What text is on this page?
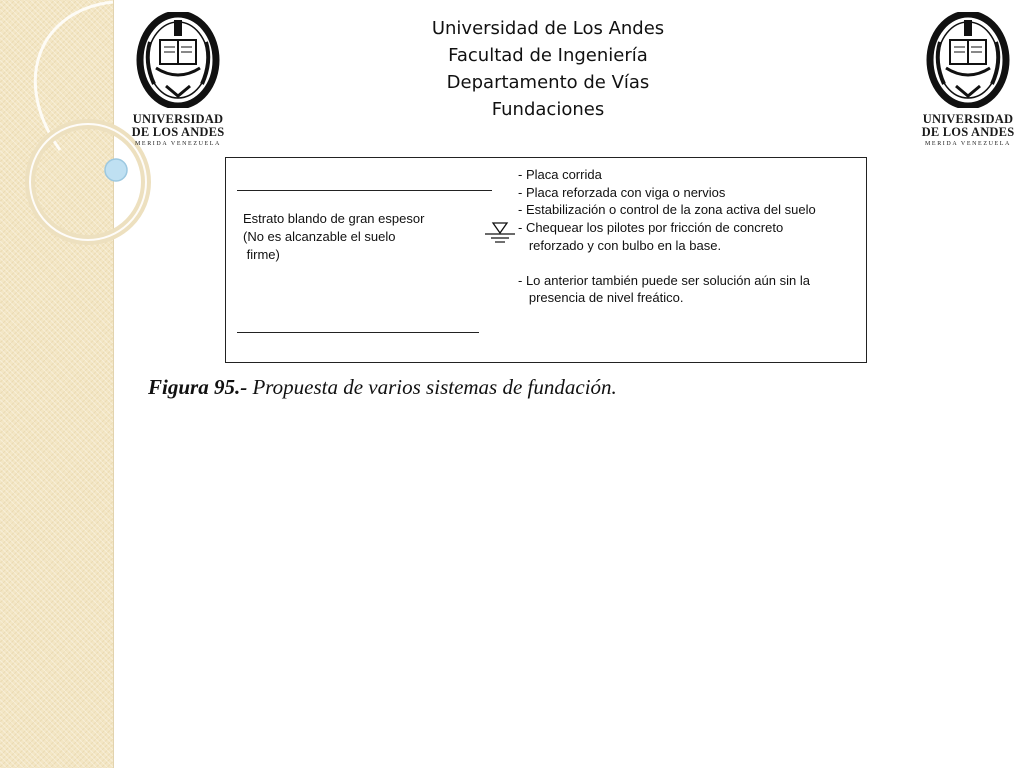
UNIVERSIDAD
DE LOS ANDES
MERIDA VENEZUELA
UNIVERSIDAD
DE LOS ANDES
MERIDA VENEZUELA
Universidad de Los Andes
Facultad de Ingeniería
Departamento de Vías
Fundaciones
Estrato blando de gran espesor
(No es alcanzable el suelo
firme)
- Placa corrida
- Placa reforzada con viga o nervios
- Estabilización o control de la zona activa del suelo
- Chequear los pilotes por fricción de concreto
reforzado y con bulbo en la base.
- Lo anterior también puede ser solución aún sin la
presencia de nivel freático.
Figura 95.- Propuesta de varios sistemas de fundación.
